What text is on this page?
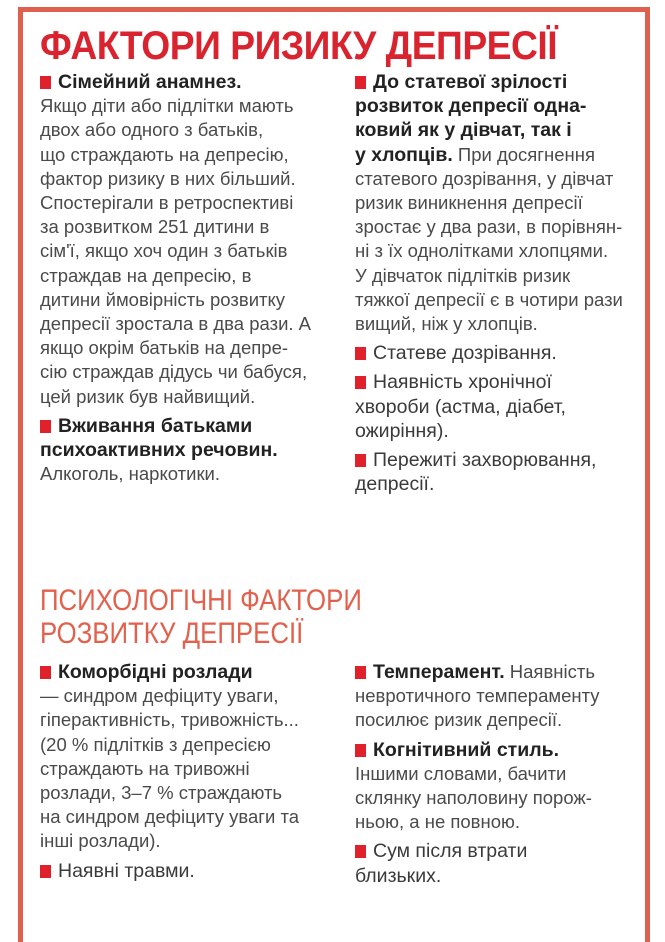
ФАКТОРИ РИЗИКУ ДЕПРЕСІЇ

Сімейний анамнез.
Якщо діти або підлітки мають
двох або одного з батьків,
що страждають на депресію,
фактор ризику в них більший.
Спостерігали в ретроспективі
за розвитком 251 дитини в
сім'ї, якщо хоч один з батьків
страждав на депресію, в
дитини ймовірність розвитку
депресії зростала в два рази. А
якщо окрім батьків на депре-
сію страждав дідусь чи бабуся,
цей ризик був найвищий.

Вживання батьками
психоактивних речовин.
Алкоголь, наркотики.

До статевої зрілості
розвиток депресії одна-
ковий як у дівчат, так і
у хлопців. При досягнення
статевого дозрівання, у дівчат
ризик виникнення депресії
зростає у два рази, в порівнян-
ні з їх однолітками хлопцями.
У дівчаток підлітків ризик
тяжкої депресії є в чотири рази
вищий, ніж у хлопців.

Статеве дозрівання.

Наявність хронічної
хвороби (астма, діабет,
ожиріння).

Пережиті захворювання,
депресії.

ПСИХОЛОГІЧНІ ФАКТОРИ
РОЗВИТКУ ДЕПРЕСІЇ

Коморбідні розлади
— синдром дефіциту уваги,
гіперактивність, тривожність...
(20 % підлітків з депресією
страждають на тривожні
розлади, 3–7 % страждають
на синдром дефіциту уваги та
інші розлади).

Наявні травми.

Темперамент. Наявність
невротичного темпераменту
посилює ризик депресії.

Когнітивний стиль.
Іншими словами, бачити
склянку наполовину порож-
ньою, а не повною.

Сум після втрати
близьких.
